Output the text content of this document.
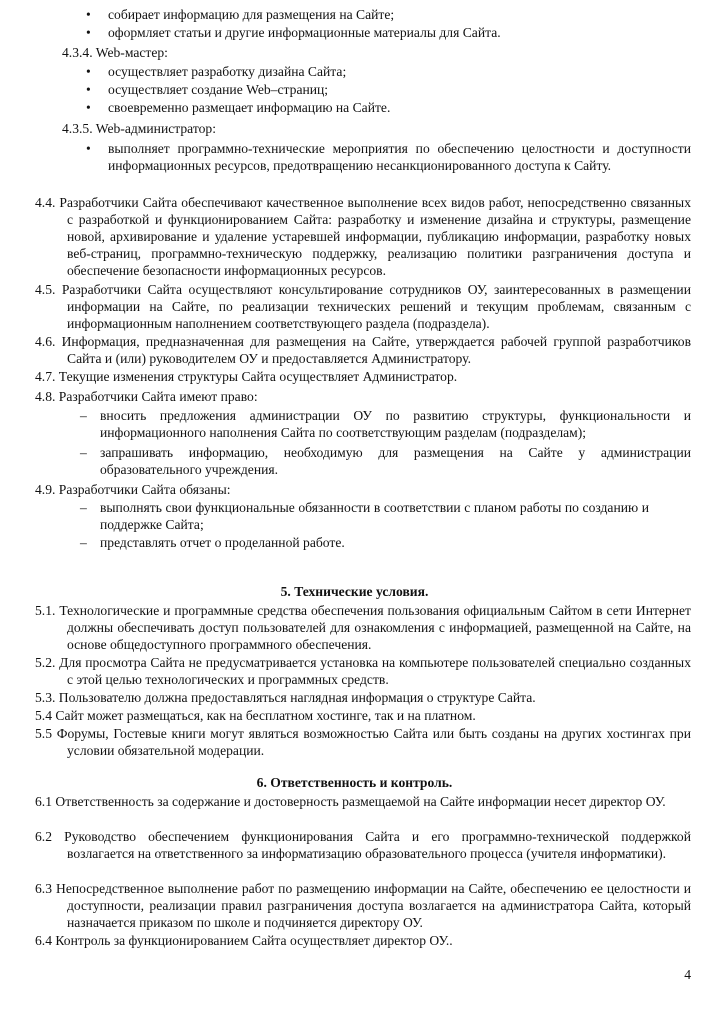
• собирает информацию для размещения на Сайте;
• оформляет статьи и другие информационные материалы для Сайта.
4.3.4. Web-мастер:
• осуществляет разработку дизайна Сайта;
• осуществляет создание Web–страниц;
• своевременно размещает информацию на Сайте.
4.3.5. Web-администратор:
• выполняет программно-технические мероприятия по обеспечению целостности и доступности информационных ресурсов, предотвращению несанкционированного доступа к Сайту.
4.4. Разработчики Сайта обеспечивают качественное выполнение всех видов работ, непосредственно связанных с разработкой и функционированием Сайта: разработку и изменение дизайна и структуры, размещение новой, архивирование и удаление устаревшей информации, публикацию информации, разработку новых веб-страниц, программно-техническую поддержку, реализацию политики разграничения доступа и обеспечение безопасности информационных ресурсов.
4.5. Разработчики Сайта осуществляют консультирование сотрудников ОУ, заинтересованных в размещении информации на Сайте, по реализации технических решений и текущим проблемам, связанным с информационным наполнением соответствующего раздела (подраздела).
4.6. Информация, предназначенная для размещения на Сайте, утверждается рабочей группой разработчиков Сайта и (или) руководителем ОУ и предоставляется Администратору.
4.7. Текущие изменения структуры Сайта осуществляет Администратор.
4.8. Разработчики Сайта имеют право:
– вносить предложения администрации ОУ по развитию структуры, функциональности и информационного наполнения Сайта по соответствующим разделам (подразделам);
– запрашивать информацию, необходимую для размещения на Сайте у администрации образовательного учреждения.
4.9. Разработчики Сайта обязаны:
– выполнять свои функциональные обязанности в соответствии с планом работы по созданию и поддержке Сайта;
– представлять отчет о проделанной работе.
5. Технические условия.
5.1. Технологические и программные средства обеспечения пользования официальным Сайтом в сети Интернет должны обеспечивать доступ пользователей для ознакомления с информацией, размещенной на Сайте, на основе общедоступного программного обеспечения.
5.2. Для просмотра Сайта не предусматривается установка на компьютере пользователей специально созданных с этой целью технологических и программных средств.
5.3. Пользователю должна предоставляться наглядная информация о структуре Сайта.
5.4 Сайт может размещаться, как на бесплатном хостинге, так и на платном.
5.5 Форумы, Гостевые книги могут являться возможностью Сайта или быть созданы на других хостингах при условии обязательной модерации.
6. Ответственность и контроль.
6.1 Ответственность за содержание и достоверность размещаемой на Сайте информации несет директор ОУ.
6.2 Руководство обеспечением функционирования Сайта и его программно-технической поддержкой возлагается на ответственного за информатизацию образовательного процесса (учителя информатики).
6.3 Непосредственное выполнение работ по размещению информации на Сайте, обеспечению ее целостности и доступности, реализации правил разграничения доступа возлагается на администратора Сайта, который назначается приказом по школе и подчиняется директору ОУ.
6.4 Контроль за функционированием Сайта осуществляет директор ОУ..
4
